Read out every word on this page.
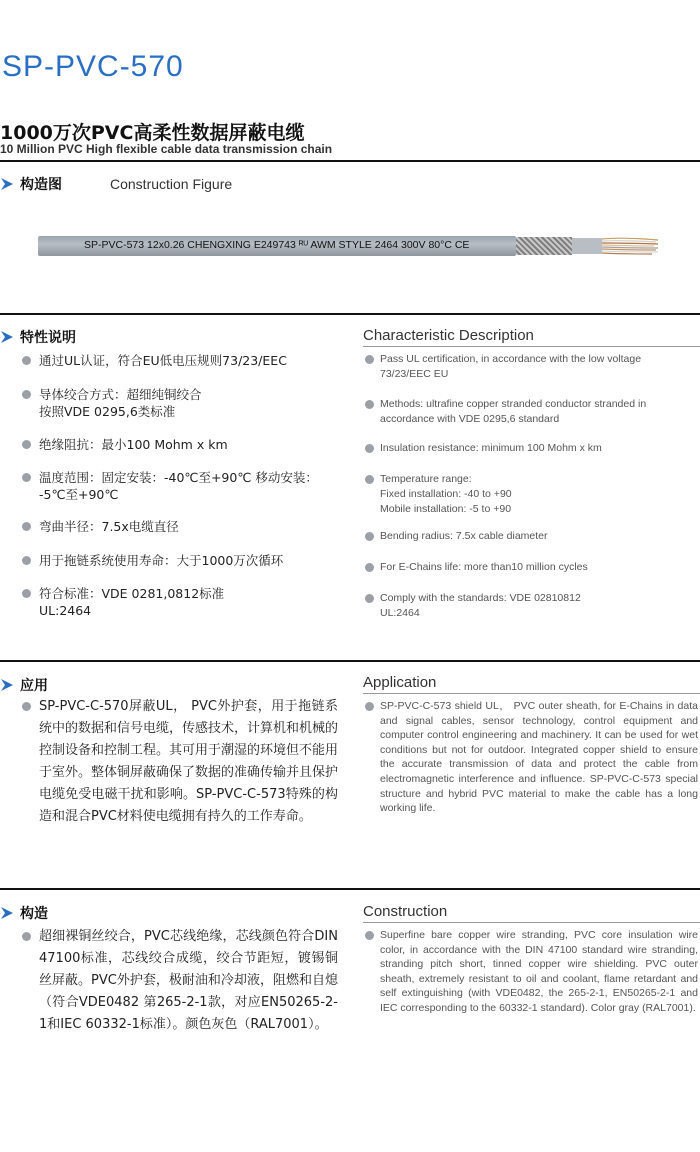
SP-PVC-570
1000万次PVC高柔性数据屏蔽电缆
10 Million PVC High flexible cable data transmission chain
构造图	Construction Figure
SP-PVC-573 12x0.26 CHENGXING E249743 ᴿᵁ AWM STYLE 2464 300V 80°C CE
特性说明	Characteristic Description
通过UL认证，符合EU低电压规则73/23/EEC
导体绞合方式：超细纯铜绞合
按照VDE 0295,6类标准
绝缘阻抗：最小100 Mohm x km
温度范围：固定安装：-40℃至+90℃ 移动安装：
-5℃至+90℃
弯曲半径：7.5x电缆直径
用于拖链系统使用寿命：大于1000万次循环
符合标准：VDE 0281,0812标准
UL:2464
Pass UL certification, in accordance with the low voltage
73/23/EEC EU
Methods: ultrafine copper stranded conductor stranded in
accordance with VDE 0295,6 standard
Insulation resistance: minimum 100 Mohm x km
Temperature range:
Fixed installation: -40 to +90
Mobile installation: -5 to +90
Bending radius: 7.5x cable diameter
For E-Chains life: more than10 million cycles
Comply with the standards: VDE 02810812
UL:2464
应用	Application
SP-PVC-C-570屏蔽UL， PVC外护套，用于拖链系统中的数据和信号电缆，传感技术，计算机和机械的控制设备和控制工程。其可用于潮湿的环境但不能用于室外。整体铜屏蔽确保了数据的准确传输并且保护电缆免受电磁干扰和影响。SP-PVC-C-573特殊的构造和混合PVC材料使电缆拥有持久的工作寿命。
SP-PVC-C-573 shield UL， PVC outer sheath, for E-Chains in data and signal cables, sensor technology, control equipment and computer control engineering and machinery. It can be used for wet conditions but not for outdoor. Integrated copper shield to ensure the accurate transmission of data and protect the cable from electromagnetic interference and influence. SP-PVC-C-573 special structure and hybrid PVC material to make the cable has a long working life.
构造	Construction
超细裸铜丝绞合，PVC芯线绝缘，芯线颜色符合DIN 47100标准，芯线绞合成缆，绞合节距短，镀锡铜丝屏蔽。PVC外护套，极耐油和冷却液，阻燃和自熄（符合VDE0482 第265-2-1款，对应EN50265-2-1和IEC 60332-1标准）。颜色灰色（RAL7001）。
Superfine bare copper wire stranding, PVC core insulation wire color, in accordance with the DIN 47100 standard wire stranding, stranding pitch short, tinned copper wire shielding. PVC outer sheath, extremely resistant to oil and coolant, flame retardant and self extinguishing (with VDE0482, the 265-2-1, EN50265-2-1 and IEC corresponding to the 60332-1 standard). Color gray (RAL7001).
